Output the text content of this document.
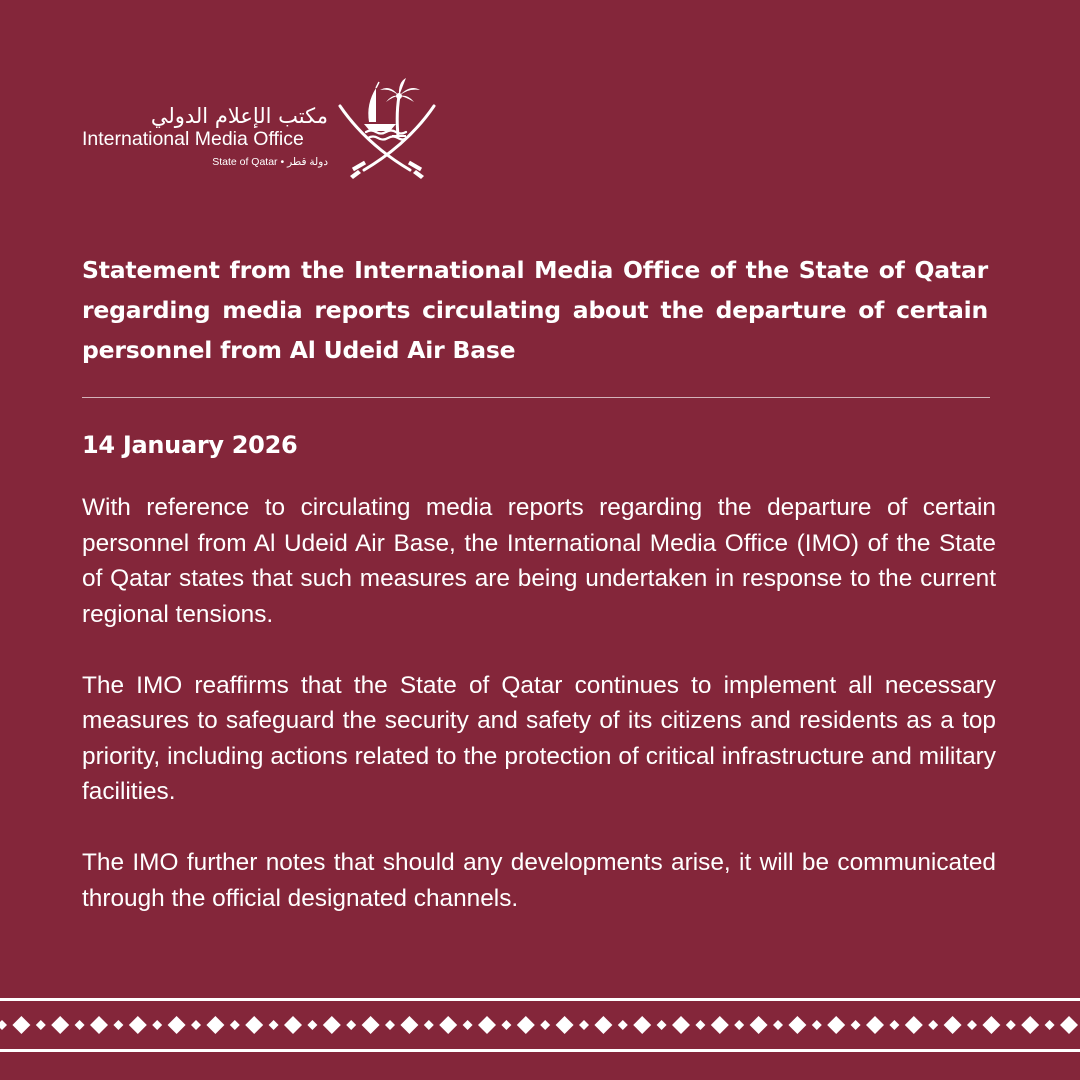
مكتب الإعلام الدولي
International Media Office
State of Qatar • دولة قطر
Statement from the International Media Office of the State of Qatar regarding media reports circulating about the departure of certain personnel from Al Udeid Air Base
14 January 2026

With reference to circulating media reports regarding the departure of certain personnel from Al Udeid Air Base, the International Media Office (IMO) of the State of Qatar states that such measures are being undertaken in response to the current regional tensions.

The IMO reaffirms that the State of Qatar continues to implement all necessary measures to safeguard the security and safety of its citizens and residents as a top priority, including actions related to the protection of critical infrastructure and military facilities.

The IMO further notes that should any developments arise, it will be communicated through the official designated channels.
